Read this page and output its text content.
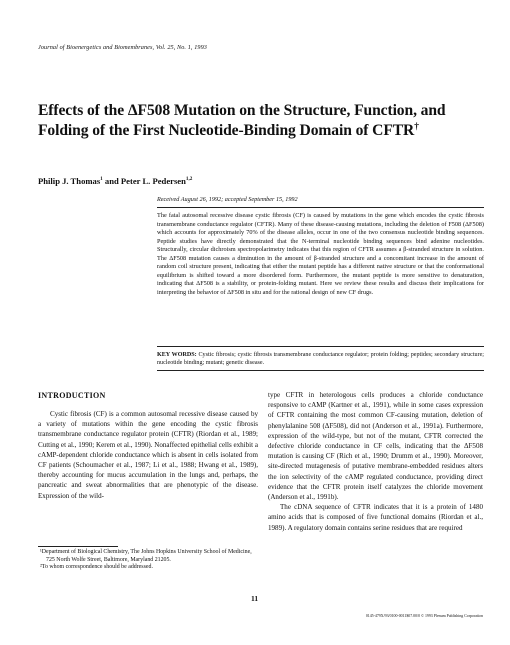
Journal of Bioenergetics and Biomembranes, Vol. 25, No. 1, 1993
Effects of the ΔF508 Mutation on the Structure, Function, and Folding of the First Nucleotide-Binding Domain of CFTR†
Philip J. Thomas$^1$ and Peter L. Pedersen$^{1,2}$
Received August 26, 1992; accepted September 15, 1992
The fatal autosomal recessive disease cystic fibrosis (CF) is caused by mutations in the gene which encodes the cystic fibrosis transmembrane conductance regulator (CFTR). Many of these disease-causing mutations, including the deletion of F508 (ΔF508) which accounts for approximately 70% of the disease alleles, occur in one of the two consensus nucleotide binding sequences. Peptide studies have directly demonstrated that the N-terminal nucleotide binding sequences bind adenine nucleotides. Structurally, circular dichroism spectropolarimetry indicates that this region of CFTR assumes a β-stranded structure in solution. The ΔF508 mutation causes a diminution in the amount of β-stranded structure and a concomitant increase in the amount of random coil structure present, indicating that either the mutant peptide has a different native structure or that the conformational equilibrium is shifted toward a more disordered form. Furthermore, the mutant peptide is more sensitive to denaturation, indicating that ΔF508 is a stability, or protein-folding mutant. Here we review these results and discuss their implications for interpreting the behavior of ΔF508 in situ and for the rational design of new CF drugs.
KEY WORDS: Cystic fibrosis; cystic fibrosis transmembrane conductance regulator; protein folding; peptides; secondary structure; nucleotide binding; mutant; genetic disease.
INTRODUCTION

Cystic fibrosis (CF) is a common autosomal recessive disease caused by a variety of mutations within the gene encoding the cystic fibrosis transmembrane conductance regulator protein (CFTR) (Riordan et al., 1989; Cutting et al., 1990; Kerem et al., 1990). Nonaffected epithelial cells exhibit a cAMP-dependent chloride conductance which is absent in cells isolated from CF patients (Schoumacher et al., 1987; Li et al., 1988; Hwang et al., 1989), thereby accounting for mucus accumulation in the lungs and, perhaps, the pancreatic and sweat abnormalities that are phenotypic of the disease. Expression of the wild-

type CFTR in heterologous cells produces a chloride conductance responsive to cAMP (Kartner et al., 1991), while in some cases expression of CFTR containing the most common CF-causing mutation, deletion of phenylalanine 508 (ΔF508), did not (Anderson et al., 1991a). Furthermore, expression of the wild-type, but not of the mutant, CFTR corrected the defective chloride conductance in CF cells, indicating that the ΔF508 mutation is causing CF (Rich et al., 1990; Drumm et al., 1990). Moreover, site-directed mutagenesis of putative membrane-embedded residues alters the ion selectivity of the cAMP regulated conductance, providing direct evidence that the CFTR protein itself catalyzes the chloride movement (Anderson et al., 1991b).

The cDNA sequence of CFTR indicates that it is a protein of 1480 amino acids that is composed of five functional domains (Riordan et al., 1989). A regulatory domain contains serine residues that are required

¹Department of Biological Chemistry, The Johns Hopkins University School of Medicine, 725 North Wolfe Street, Baltimore, Maryland 21205.

²To whom correspondence should be addressed.

11
0145-479X/93/0100-0011$07.00/0 © 1993 Plenum Publishing Corporation
